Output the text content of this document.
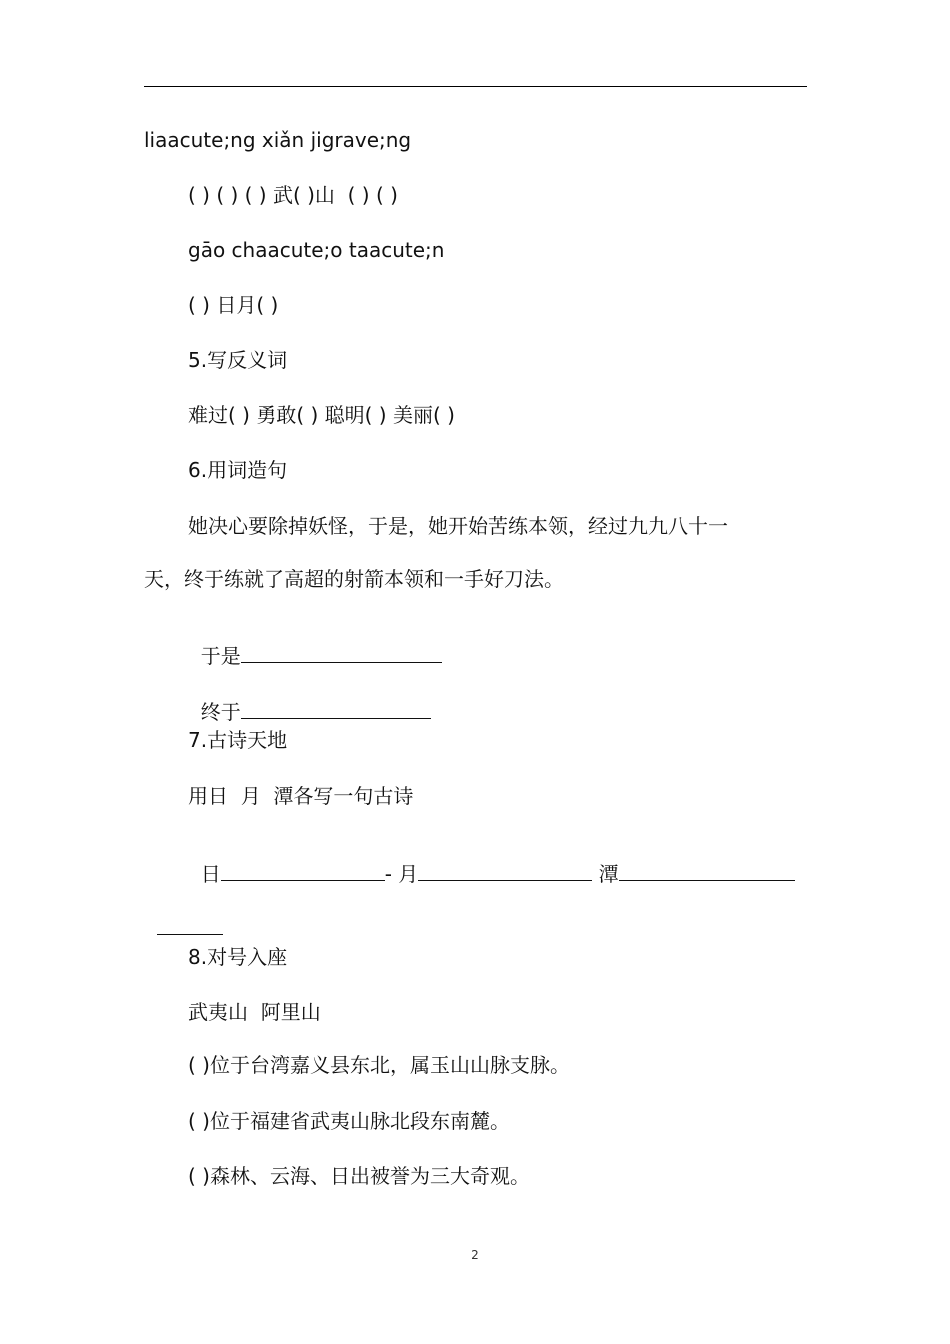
liaacute;ng xiǎn jigrave;ng
( ) ( ) ( ) 武( )山  ( ) ( )
gāo chaacute;o taacute;n
( ) 日月( )
5.写反义词
难过( ) 勇敢( ) 聪明( ) 美丽( )
6.用词造句
她决心要除掉妖怪，于是，她开始苦练本领，经过九九八十一
天，终于练就了高超的射箭本领和一手好刀法。

于是

终于

7.古诗天地
用日  月  潭各写一句古诗

日	- 月	潭

8.对号入座
武夷山  阿里山
( )位于台湾嘉义县东北，属玉山山脉支脉。
( )位于福建省武夷山脉北段东南麓。
( )森林、云海、日出被誉为三大奇观。
2
